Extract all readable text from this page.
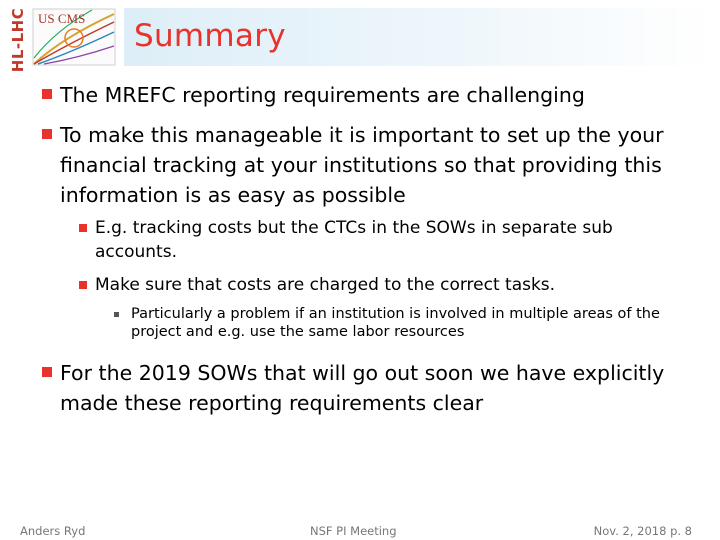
HL-LHC US CMS Summary
The MREFC reporting requirements are challenging
To make this manageable it is important to set up the your financial tracking at your institutions so that providing this information is as easy as possible
E.g. tracking costs but the CTCs in the SOWs in separate sub accounts.
Make sure that costs are charged to the correct tasks.
Particularly a problem if an institution is involved in multiple areas of the project and e.g. use the same labor resources
For the 2019 SOWs that will go out soon we have explicitly made these reporting requirements clear
Anders Ryd	NSF PI Meeting	Nov. 2, 2018 p. 8
